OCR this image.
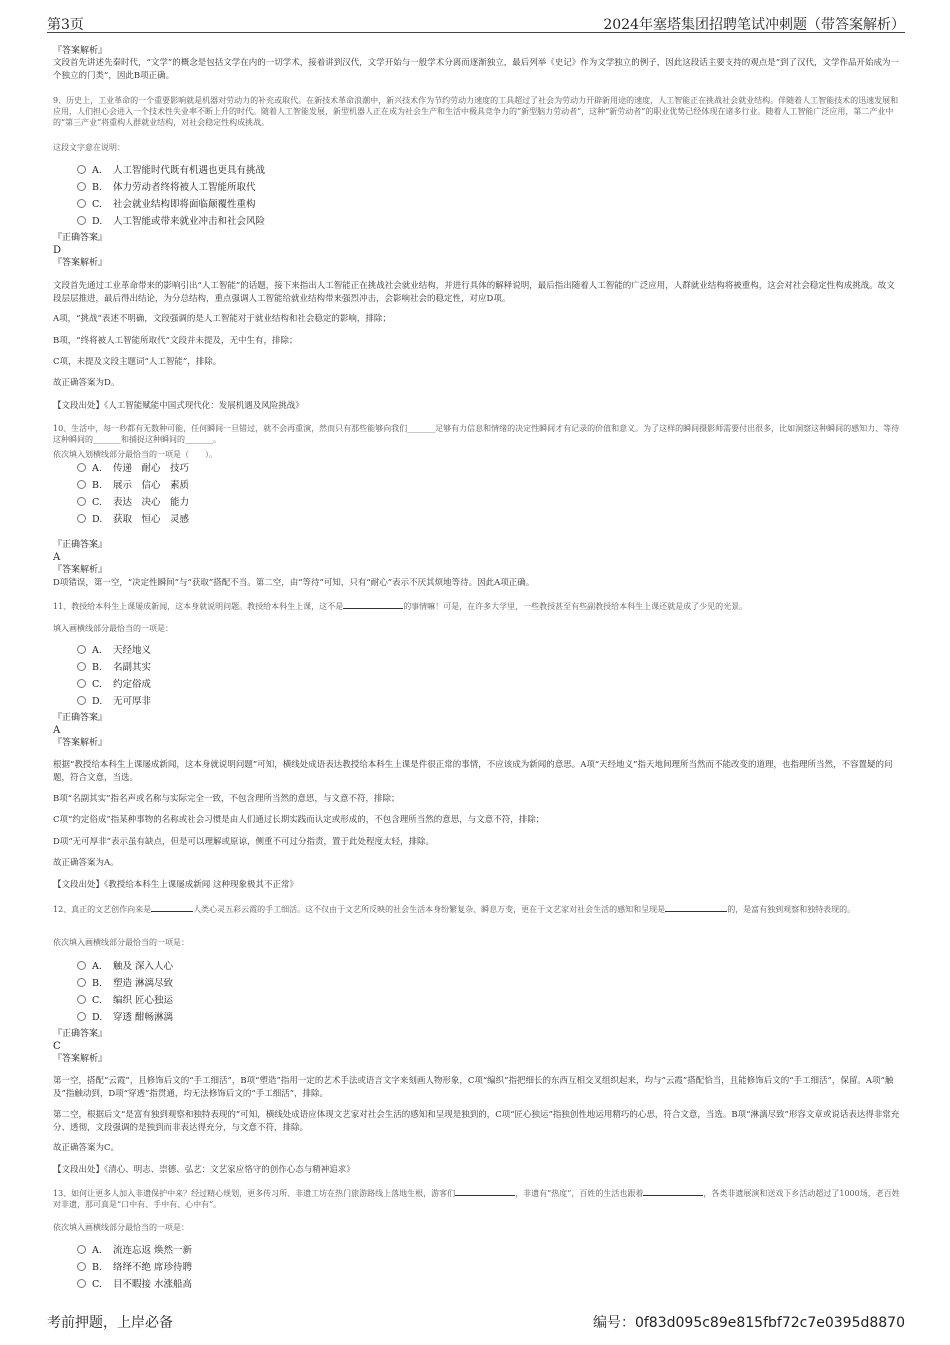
第3页	2024年塞塔集团招聘笔试冲刺题（带答案解析）
『答案解析』
文段首先讲述先秦时代，“文学”的概念是包括文学在内的一切学术，接着讲到汉代，文学开始与一般学术分离而逐渐独立，最后列举《史记》作为文学独立的例子，因此这段话主要支持的观点是“到了汉代，文学作品开始成为一个独立的门类”，因此B项正确。
9、历史上，工业革命的一个重要影响就是机器对劳动力的补充或取代。在新技术革命浪潮中，新兴技术作为节约劳动力速度的工具超过了社会为劳动力开辟新用途的速度，人工智能正在挑战社会就业结构。伴随着人工智能技术的迅速发展和应用，人们担心会进入一个技术性失业率不断上升的时代。随着人工智能发展，新型机器人正在成为社会生产和生活中极具竞争力的“新型脑力劳动者”，这种“新劳动者”的职业优势已经体现在诸多行业。随着人工智能广泛应用，第二产业中的“第三产业”将重构人群就业结构，对社会稳定性构成挑战。
这段文字意在说明：
A. 人工智能时代既有机遇也更具有挑战
B. 体力劳动者终将被人工智能所取代
C. 社会就业结构即将面临颠覆性重构
D. 人工智能或带来就业冲击和社会风险
『正确答案』
D
『答案解析』
文段首先通过工业革命带来的影响引出“人工智能”的话题，接下来指出人工智能正在挑战社会就业结构，并进行具体的解释说明，最后指出随着人工智能的广泛应用，人群就业结构将被重构，这会对社会稳定性构成挑战。故文段层层推进，最后得出结论，为分总结构，重点强调人工智能给就业结构带来强烈冲击，会影响社会的稳定性，对应D项。
A项，“挑战”表述不明确，文段强调的是人工智能对于就业结构和社会稳定的影响，排除；
B项，“终将被人工智能所取代”文段并未提及，无中生有，排除；
C项，未提及文段主题词“人工智能”，排除。
故正确答案为D。
【文段出处】《人工智能赋能中国式现代化：发展机遇及风险挑战》
10、生活中，每一秒都有无数种可能，任何瞬间一旦错过，就不会再重演，然而只有那些能够向我们_______足够有力信息和情绪的决定性瞬间才有记录的价值和意义。为了这样的瞬间摄影师需要付出很多，比如洞察这种瞬间的感知力、等待这种瞬间的_______和捕捉这种瞬间的_______。
依次填入划横线部分最恰当的一项是（　　）。
A. 传递　耐心　技巧
B. 展示　信心　素质
C. 表达　决心　能力
D. 获取　恒心　灵感
『正确答案』
A
『答案解析』
D项错误，第一空，“决定性瞬间”与“获取”搭配不当。第二空，由“等待”可知，只有“耐心”表示不厌其烦地等待。因此A项正确。
11、教授给本科生上课屡成新闻，这本身就说明问题。教授给本科生上课，这不是	的事情嘛！可是，在许多大学里，一些教授甚至有些副教授给本科生上课还就是成了少见的光景。
填入画横线部分最恰当的一项是：
A. 天经地义
B. 名副其实
C. 约定俗成
D. 无可厚非
『正确答案』
A
『答案解析』
根据“教授给本科生上课屡成新闻，这本身就说明问题”可知，横线处成语表达教授给本科生上课是件很正常的事情，不应该成为新闻的意思。A项“天经地义”指天地间理所当然而不能改变的道理，也指理所当然，不容置疑的问题，符合文意，当选。
B项“名副其实”指名声或名称与实际完全一致，不包含理所当然的意思，与文意不符，排除；
C项“约定俗成”指某种事物的名称或社会习惯是由人们通过长期实践而认定或形成的，不包含理所当然的意思，与文意不符，排除；
D项“无可厚非”表示虽有缺点，但是可以理解或原谅，侧重不可过分指责，置于此处程度太轻，排除。
故正确答案为A。
【文段出处】《教授给本科生上课屡成新闻 这种现象极其不正常》
12、真正的文艺创作向来是	人类心灵五彩云霞的手工细活。这不仅由于文艺所反映的社会生活本身纷繁复杂、瞬息万变，更在于文艺家对社会生活的感知和呈现是	的，是富有独到观察和独特表现的。
依次填入画横线部分最恰当的一项是：
A. 触及 深入人心
B. 塑造 淋漓尽致
C. 编织 匠心独运
D. 穿透 酣畅淋漓
『正确答案』
C
『答案解析』
第一空，搭配“云霞”，且修饰后文的“手工细活”，B项“塑造”指用一定的艺术手法或语言文字来刻画人物形象，C项“编织”指把细长的东西互相交叉组织起来，均与“云霞”搭配恰当，且能修饰后文的“手工细活”，保留。A项“触及”指触动到，D项“穿透”指贯通，均无法修饰后文的“手工细活”，排除。
第二空，根据后文“是富有独到观察和独特表现的”可知，横线处成语应体现文艺家对社会生活的感知和呈现是独到的，C项“匠心独运”指独创性地运用精巧的心思，符合文意，当选。B项“淋漓尽致”形容文章或说话表达得非常充分、透彻，文段强调的是独到而非表达得充分，与文意不符，排除。
故正确答案为C。
【文段出处】《清心、明志、崇德、弘艺：文艺家应恪守的创作心态与精神追求》
13、如何让更多人加入非遗保护中来？经过精心规划，更多传习所、非遗工坊在热门旅游路线上落地生根，游客们	，非遗有“热度”，百姓的生活也跟着	，各类非遗展演和送戏下乡活动超过了1000场，老百姓对非遗，那可真是“口中有、手中有、心中有”。
依次填入画横线部分最恰当的一项是：
A. 流连忘返 焕然一新
B. 络绎不绝 席珍待聘
C. 目不暇接 水涨船高
考前押题，上岸必备	编号：0f83d095c89e815fbf72c7e0395d8870
